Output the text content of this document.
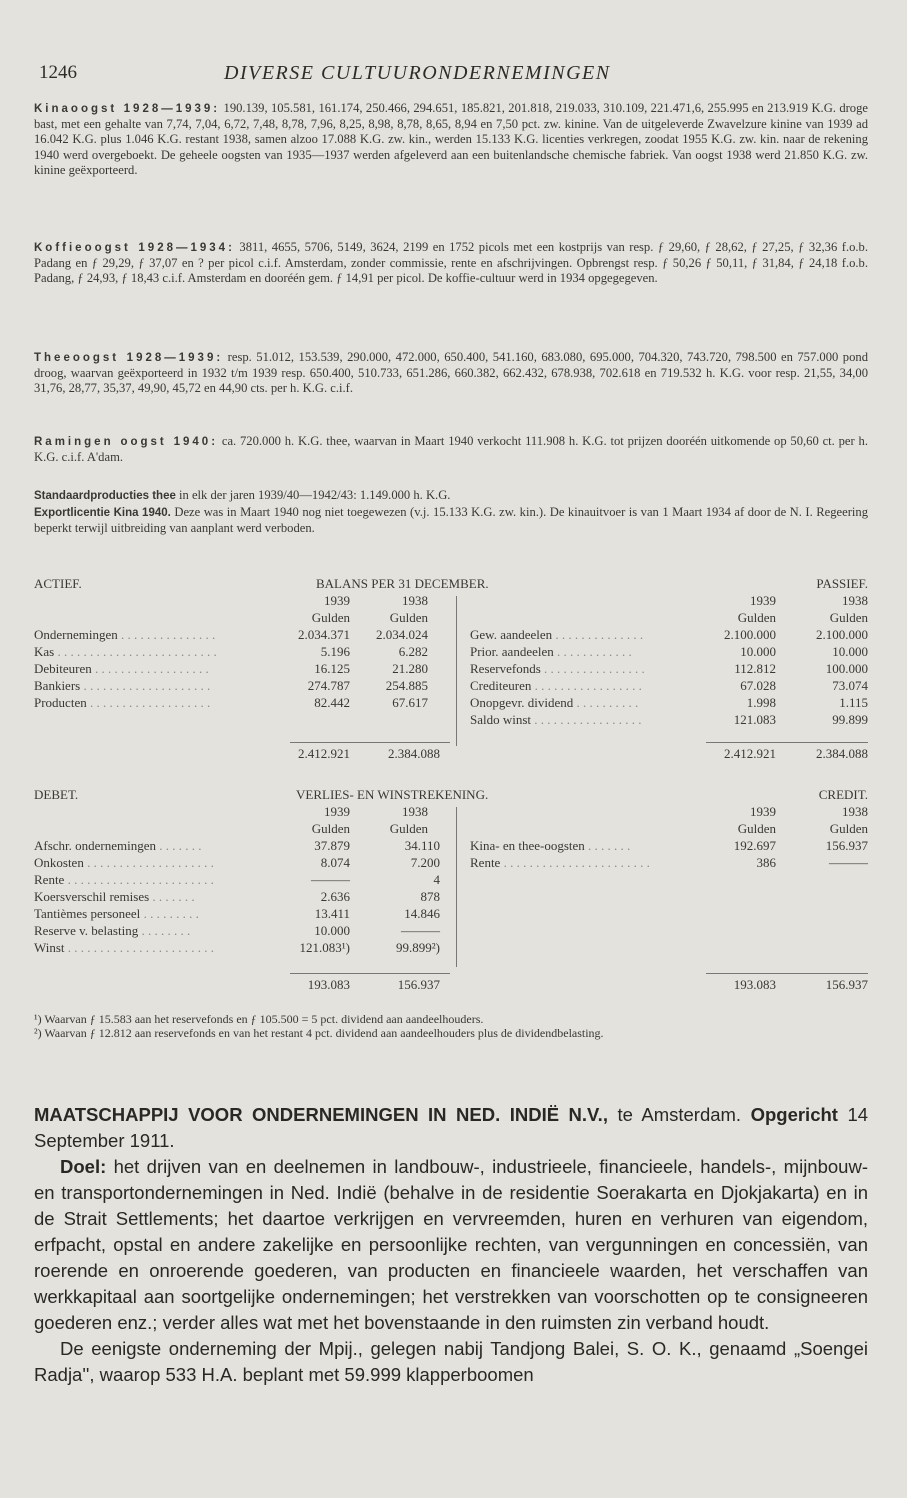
1246	DIVERSE CULTUURONDERNEMINGEN
Kinaoogst 1928—1939: 190.139, 105.581, 161.174, 250.466, 294.651, 185.821, 201.818, 219.033, 310.109, 221.471,6, 255.995 en 213.919 K.G. droge bast, met een gehalte van 7,74, 7,04, 6,72, 7,48, 8,78, 7,96, 8,25, 8,98, 8,78, 8,65, 8,94 en 7,50 pct. zw. kinine. Van de uitgeleverde Zwavelzure kinine van 1939 ad 16.042 K.G. plus 1.046 K.G. restant 1938, samen alzoo 17.088 K.G. zw. kin., werden 15.133 K.G. licenties verkregen, zoodat 1955 K.G. zw. kin. naar de rekening 1940 werd overgeboekt. De geheele oogsten van 1935—1937 werden afgeleverd aan een buitenlandsche chemische fabriek. Van oogst 1938 werd 21.850 K.G. zw. kinine geëxporteerd.
Koffieoogst 1928—1934: 3811, 4655, 5706, 5149, 3624, 2199 en 1752 picols met een kostprijs van resp. ƒ 29,60, ƒ 28,62, ƒ 27,25, ƒ 32,36 f.o.b. Padang en ƒ 29,29, ƒ 37,07 en ? per picol c.i.f. Amsterdam, zonder commissie, rente en afschrijvingen. Opbrengst resp. ƒ 50,26 ƒ 50,11, ƒ 31,84, ƒ 24,18 f.o.b. Padang, ƒ 24,93, ƒ 18,43 c.i.f. Amsterdam en dooréén gem. ƒ 14,91 per picol. De koffie-cultuur werd in 1934 opgegegeven.
Theeoogst 1928—1939: resp. 51.012, 153.539, 290.000, 472.000, 650.400, 541.160, 683.080, 695.000, 704.320, 743.720, 798.500 en 757.000 pond droog, waarvan geëxporteerd in 1932 t/m 1939 resp. 650.400, 510.733, 651.286, 660.382, 662.432, 678.938, 702.618 en 719.532 h. K.G. voor resp. 21,55, 34,00 31,76, 28,77, 35,37, 49,90, 45,72 en 44,90 cts. per h. K.G. c.i.f.
Ramingen oogst 1940: ca. 720.000 h. K.G. thee, waarvan in Maart 1940 verkocht 111.908 h. K.G. tot prijzen dooréén uitkomende op 50,60 ct. per h. K.G. c.i.f. A'dam.
Standaardproducties thee in elk der jaren 1939/40—1942/43: 1.149.000 h. K.G.
Exportlicentie Kina 1940. Deze was in Maart 1940 nog niet toegewezen (v.j. 15.133 K.G. zw. kin.). De kinauitvoer is van 1 Maart 1934 af door de N. I. Regeering beperkt terwijl uitbreiding van aanplant werd verboden.
ACTIEF.	BALANS PER 31 DECEMBER.	PASSIEF.
1939	1938
Gulden	Gulden
1939	1938
Gulden	Gulden
Ondernemingen . . . . . . . . . . . . . . .	2.034.371	2.034.024
Kas . . . . . . . . . . . . . . . . . . . . . . . . .	5.196	6.282
Debiteuren . . . . . . . . . . . . . . . . . .	16.125	21.280
Bankiers . . . . . . . . . . . . . . . . . . . .	274.787	254.885
Producten . . . . . . . . . . . . . . . . . . .	82.442	67.617
Gew. aandeelen . . . . . . . . . . . . . .	2.100.000	2.100.000
Prior. aandeelen . . . . . . . . . . . .	10.000	10.000
Reservefonds . . . . . . . . . . . . . . . .	112.812	100.000
Crediteuren . . . . . . . . . . . . . . . . .	67.028	73.074
Onopgevr. dividend . . . . . . . . . .	1.998	1.115
Saldo winst . . . . . . . . . . . . . . . . .	121.083	99.899
2.412.921	2.384.088	2.412.921	2.384.088
DEBET.	VERLIES- EN WINSTREKENING.	CREDIT.
1939	1938
Gulden	Gulden
1939	1938
Gulden	Gulden
Afschr. ondernemingen . . . . . . .	37.879	34.110
Onkosten . . . . . . . . . . . . . . . . . . . .	8.074	7.200
Rente . . . . . . . . . . . . . . . . . . . . . . .	———	4
Koersverschil remises . . . . . . .	2.636	878
Tantièmes personeel . . . . . . . . .	13.411	14.846
Reserve v. belasting . . . . . . . .	10.000	———
Winst . . . . . . . . . . . . . . . . . . . . . . .	121.083¹)	99.899²)
Kina- en thee-oogsten . . . . . . .	192.697	156.937
Rente . . . . . . . . . . . . . . . . . . . . . . .	386	———
193.083	156.937	193.083	156.937
¹) Waarvan ƒ 15.583 aan het reservefonds en ƒ 105.500 = 5 pct. dividend aan aandeelhouders.
²) Waarvan ƒ 12.812 aan reservefonds en van het restant 4 pct. dividend aan aandeelhouders plus de dividendbelasting.
MAATSCHAPPIJ VOOR ONDERNEMINGEN IN NED. INDIË N.V., te Amsterdam. Opgericht 14 September 1911.
Doel: het drijven van en deelnemen in landbouw-, industrieele, financieele, handels-, mijnbouw- en transportondernemingen in Ned. Indië (behalve in de residentie Soerakarta en Djokjakarta) en in de Strait Settlements; het daartoe verkrijgen en vervreemden, huren en verhuren van eigendom, erfpacht, opstal en andere zakelijke en persoonlijke rechten, van vergunningen en concessiën, van roerende en onroerende goederen, van producten en financieele waarden, het verschaffen van werkkapitaal aan soortgelijke ondernemingen; het verstrekken van voorschotten op te consigneeren goederen enz.; verder alles wat met het bovenstaande in den ruimsten zin verband houdt.
De eenigste onderneming der Mpij., gelegen nabij Tandjong Balei, S. O. K., genaamd „Soengei Radja'', waarop 533 H.A. beplant met 59.999 klapperboomen
